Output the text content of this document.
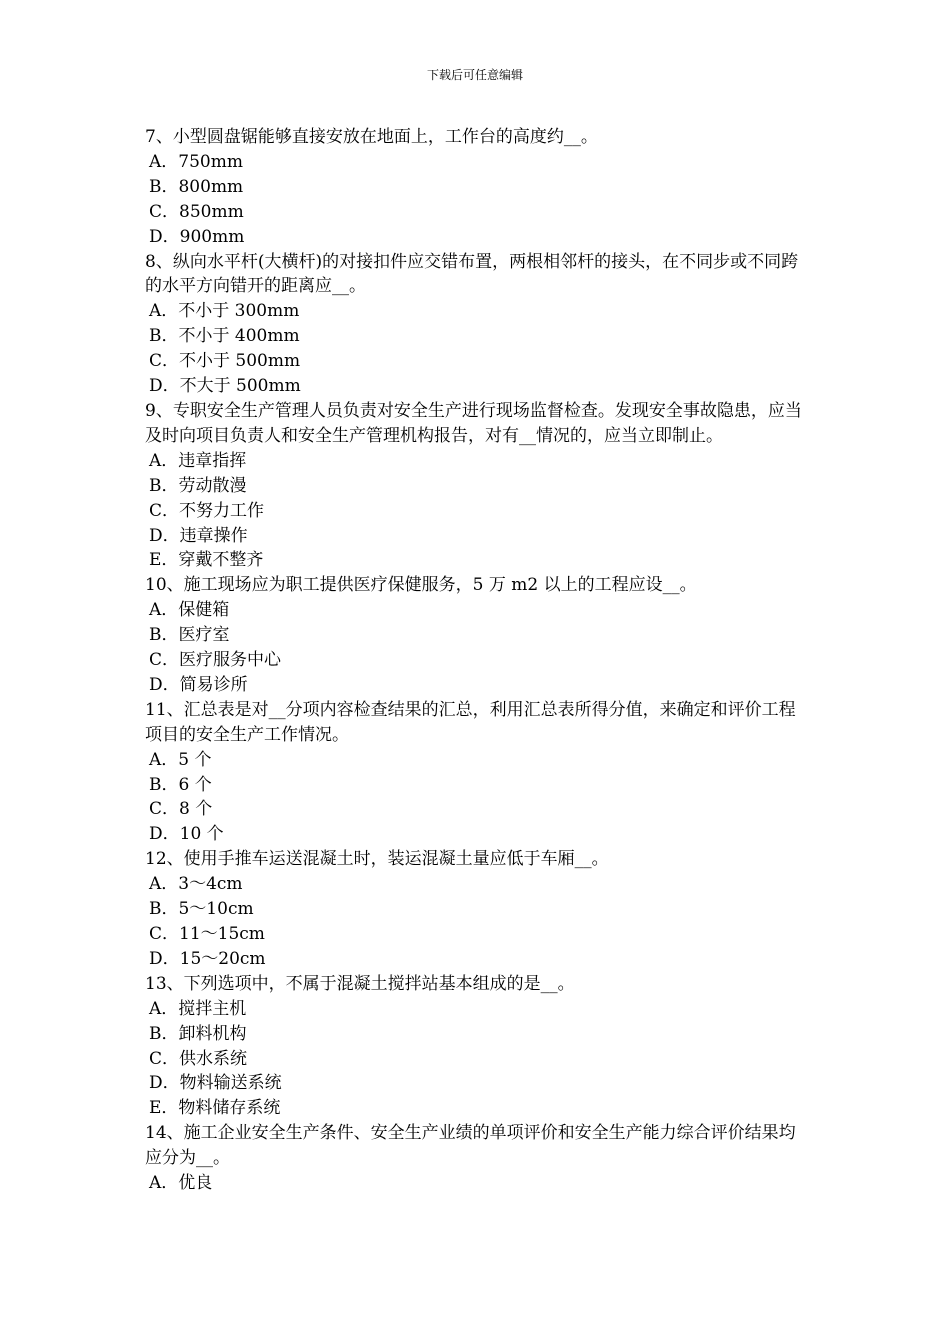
下载后可任意编辑

7、小型圆盘锯能够直接安放在地面上，工作台的高度约__。

A．750mm

B．800mm

C．850mm

D．900mm

8、纵向水平杆(大横杆)的对接扣件应交错布置，两根相邻杆的接头，在不同步或不同跨的水平方向错开的距离应__。

A．不小于 300mm

B．不小于 400mm

C．不小于 500mm

D．不大于 500mm

9、专职安全生产管理人员负责对安全生产进行现场监督检查。发现安全事故隐患，应当及时向项目负责人和安全生产管理机构报告，对有__情况的，应当立即制止。

A．违章指挥

B．劳动散漫

C．不努力工作

D．违章操作

E．穿戴不整齐

10、施工现场应为职工提供医疗保健服务，5 万 m2 以上的工程应设__。

A．保健箱

B．医疗室

C．医疗服务中心

D．简易诊所

11、汇总表是对__分项内容检查结果的汇总，利用汇总表所得分值，来确定和评价工程项目的安全生产工作情况。

A．5 个

B．6 个

C．8 个

D．10 个

12、使用手推车运送混凝土时，装运混凝土量应低于车厢__。

A．3～4cm

B．5～10cm

C．11～15cm

D．15～20cm

13、下列选项中，不属于混凝土搅拌站基本组成的是__。

A．搅拌主机

B．卸料机构

C．供水系统

D．物料输送系统

E．物料储存系统

14、施工企业安全生产条件、安全生产业绩的单项评价和安全生产能力综合评价结果均应分为__。

A．优良
